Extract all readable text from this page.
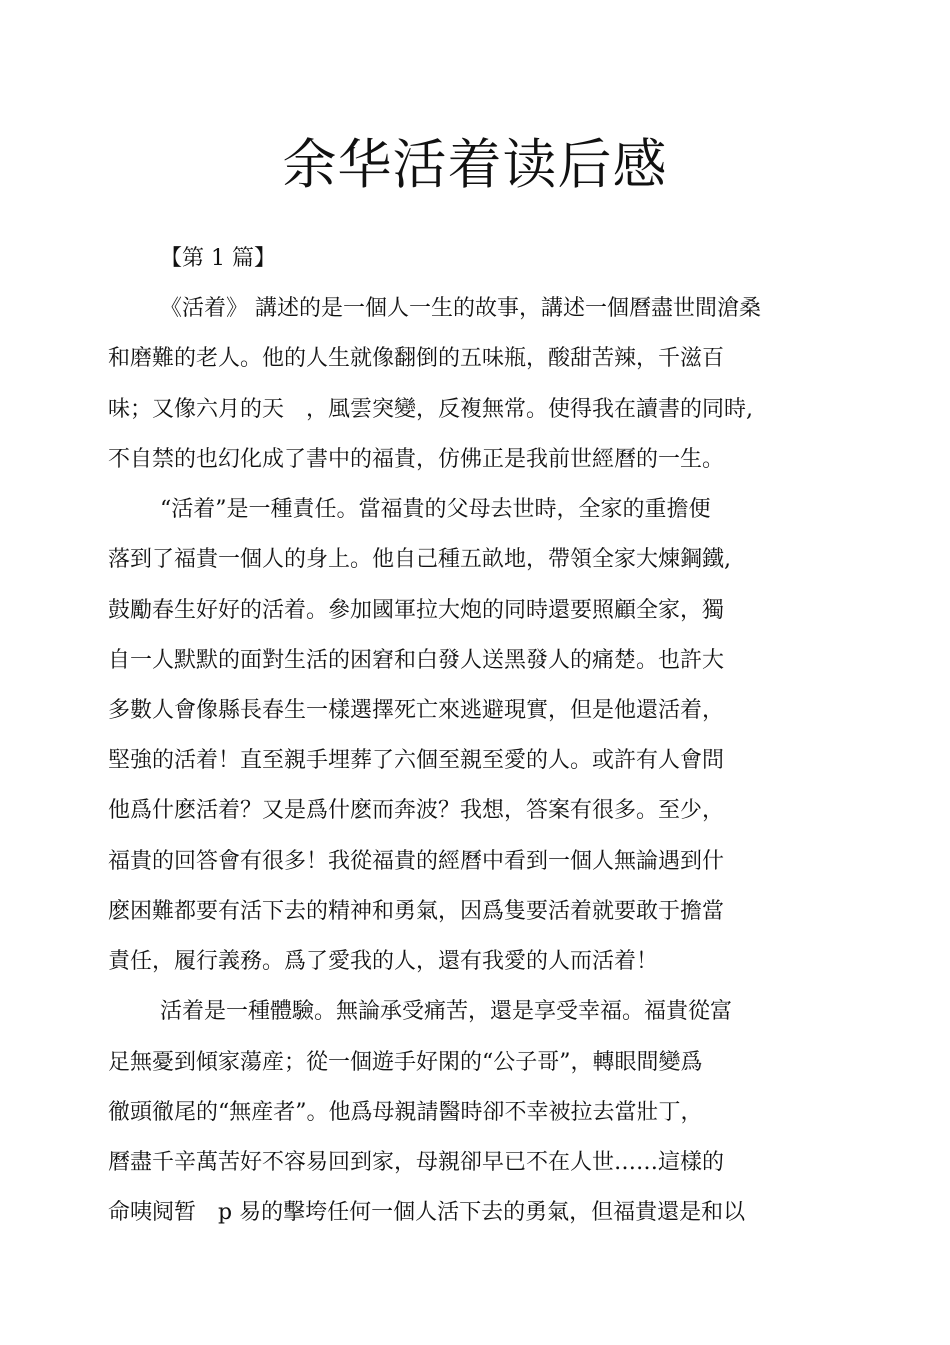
余华活着读后感
【第 1 篇】
《活着》 講述的是一個人一生的故事，講述一個曆盡世間滄桑
和磨難的老人。他的人生就像翻倒的五味瓶，酸甜苦辣，千滋百
味；又像六月的天　，風雲突變，反複無常。使得我在讀書的同時,
不自禁的也幻化成了書中的福貴，仿佛正是我前世經曆的一生。
“活着”是一種責任。當福貴的父母去世時，全家的重擔便
落到了福貴一個人的身上。他自己種五畝地，帶領全家大煉鋼鐵,
鼓勵春生好好的活着。參加國軍拉大炮的同時還要照顧全家，獨
自一人默默的面對生活的困窘和白發人送黑發人的痛楚。也許大
多數人會像縣長春生一樣選擇死亡來逃避現實，但是他還活着，
堅強的活着！直至親手埋葬了六個至親至愛的人。或許有人會問
他爲什麽活着？又是爲什麽而奔波？我想，答案有很多。至少，
福貴的回答會有很多！我從福貴的經曆中看到一個人無論遇到什
麽困難都要有活下去的精神和勇氣，因爲隻要活着就要敢于擔當
責任，履行義務。爲了愛我的人，還有我愛的人而活着！
活着是一種體驗。無論承受痛苦，還是享受幸福。福貴從富
足無憂到傾家蕩産；從一個遊手好閑的“公子哥”，轉眼間變爲
徹頭徹尾的“無産者”。他爲母親請醫時卻不幸被拉去當壯丁，
曆盡千辛萬苦好不容易回到家，母親卻早已不在人世……這樣的
命咦阋暂　p 易的擊垮任何一個人活下去的勇氣，但福貴還是和以
